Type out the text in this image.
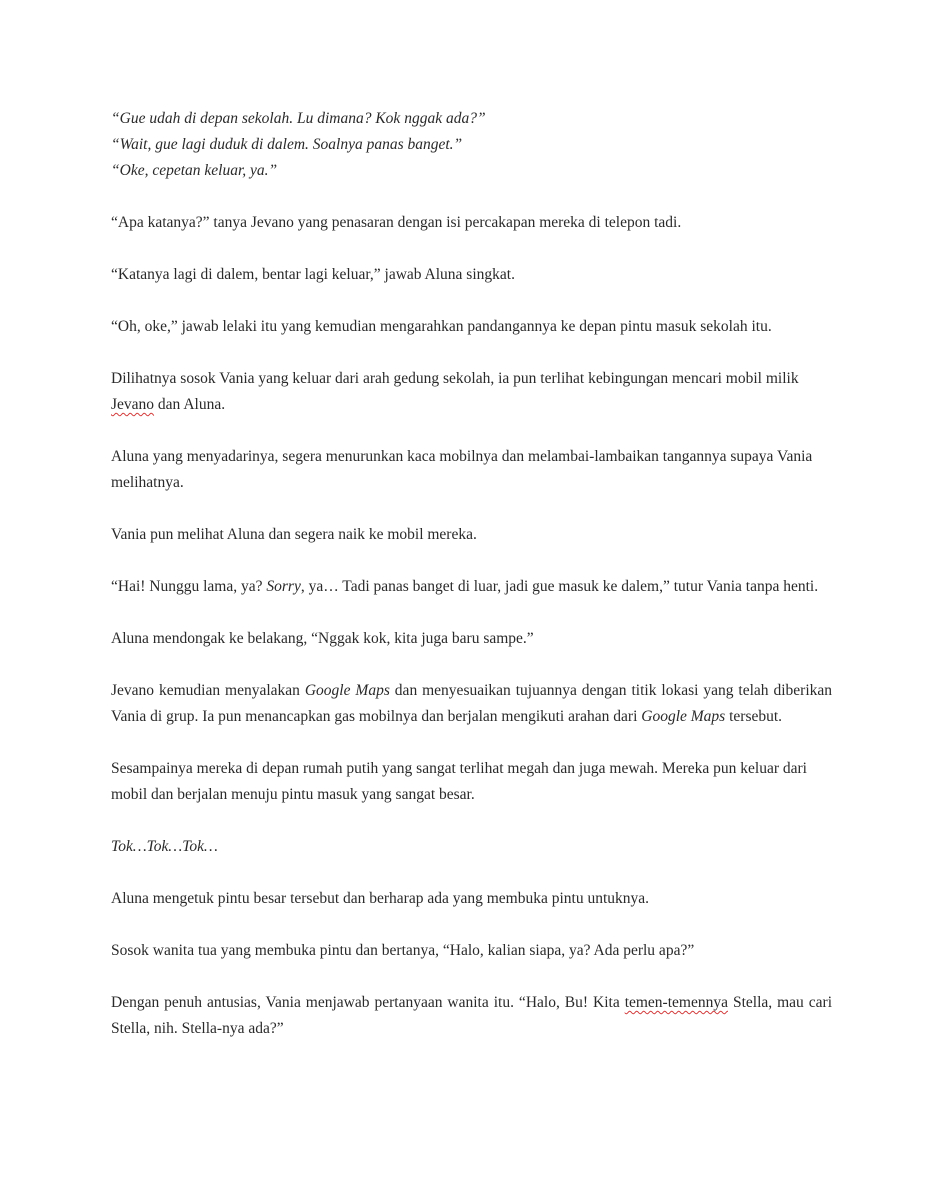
“Gue udah di depan sekolah. Lu dimana? Kok nggak ada?”
“Wait, gue lagi duduk di dalem. Soalnya panas banget.”
“Oke, cepetan keluar, ya.”

“Apa katanya?” tanya Jevano yang penasaran dengan isi percakapan mereka di telepon tadi.

“Katanya lagi di dalem, bentar lagi keluar,” jawab Aluna singkat.

“Oh, oke,” jawab lelaki itu yang kemudian mengarahkan pandangannya ke depan pintu masuk sekolah itu.

Dilihatnya sosok Vania yang keluar dari arah gedung sekolah, ia pun terlihat kebingungan mencari mobil milik Jevano dan Aluna.

Aluna yang menyadarinya, segera menurunkan kaca mobilnya dan melambai-lambaikan tangannya supaya Vania melihatnya.

Vania pun melihat Aluna dan segera naik ke mobil mereka.

“Hai! Nunggu lama, ya? Sorry, ya… Tadi panas banget di luar, jadi gue masuk ke dalem,” tutur Vania tanpa henti.

Aluna mendongak ke belakang, “Nggak kok, kita juga baru sampe.”

Jevano kemudian menyalakan Google Maps dan menyesuaikan tujuannya dengan titik lokasi yang telah diberikan Vania di grup. Ia pun menancapkan gas mobilnya dan berjalan mengikuti arahan dari Google Maps tersebut.

Sesampainya mereka di depan rumah putih yang sangat terlihat megah dan juga mewah. Mereka pun keluar dari mobil dan berjalan menuju pintu masuk yang sangat besar.

Tok…Tok…Tok…

Aluna mengetuk pintu besar tersebut dan berharap ada yang membuka pintu untuknya.

Sosok wanita tua yang membuka pintu dan bertanya, “Halo, kalian siapa, ya? Ada perlu apa?”

Dengan penuh antusias, Vania menjawab pertanyaan wanita itu. “Halo, Bu! Kita temen-temennya Stella, mau cari Stella, nih. Stella-nya ada?”
